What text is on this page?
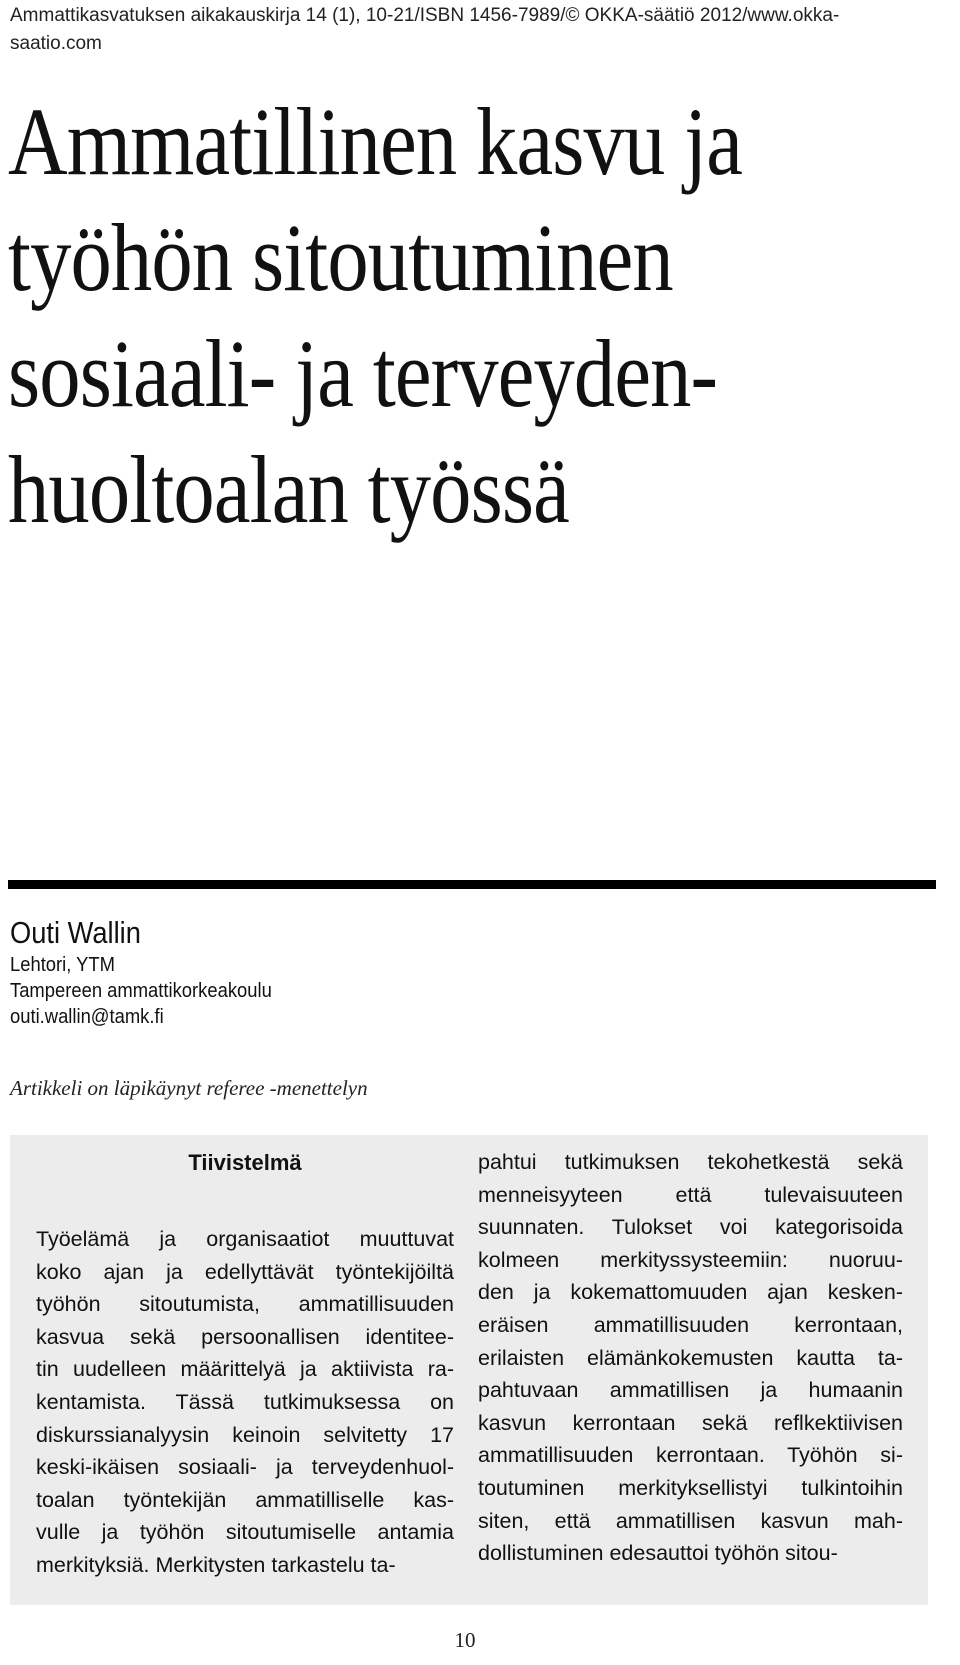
Ammattikasvatuksen aikakauskirja 14 (1), 10-21/ISBN 1456-7989/© OKKA-säätiö 2012/www.okka-
saatio.com
Ammatillinen kasvu ja
työhön sitoutuminen
sosiaali- ja terveyden-
huoltoalan työssä
Outi Wallin
Lehtori, YTM
Tampereen ammattikorkeakoulu
outi.wallin@tamk.fi
Artikkeli on läpikäynyt referee -menettelyn
Tiivistelmä
Työelämä ja organisaatiot muuttuvat
koko ajan ja edellyttävät työntekijöiltä
työhön sitoutumista, ammatillisuuden
kasvua sekä persoonallisen identitee-
tin uudelleen määrittelyä ja aktiivista ra-
kentamista. Tässä tutkimuksessa on
diskurssianalyysin keinoin selvitetty 17
keski-ikäisen sosiaali- ja terveydenhuol-
toalan työntekijän ammatilliselle kas-
vulle ja työhön sitoutumiselle antamia
merkityksiä. Merkitysten tarkastelu ta-
pahtui tutkimuksen tekohetkestä sekä
menneisyyteen että tulevaisuuteen
suunnaten. Tulokset voi kategorisoida
kolmeen merkityssysteemiin: nuoruu-
den ja kokemattomuuden ajan kesken-
eräisen ammatillisuuden kerrontaan,
erilaisten elämänkokemusten kautta ta-
pahtuvaan ammatillisen ja humaanin
kasvun kerrontaan sekä reflkektiivisen
ammatillisuuden kerrontaan. Työhön si-
toutuminen merkityksellistyi tulkintoihin
siten, että ammatillisen kasvun mah-
dollistuminen edesauttoi työhön sitou-
10
